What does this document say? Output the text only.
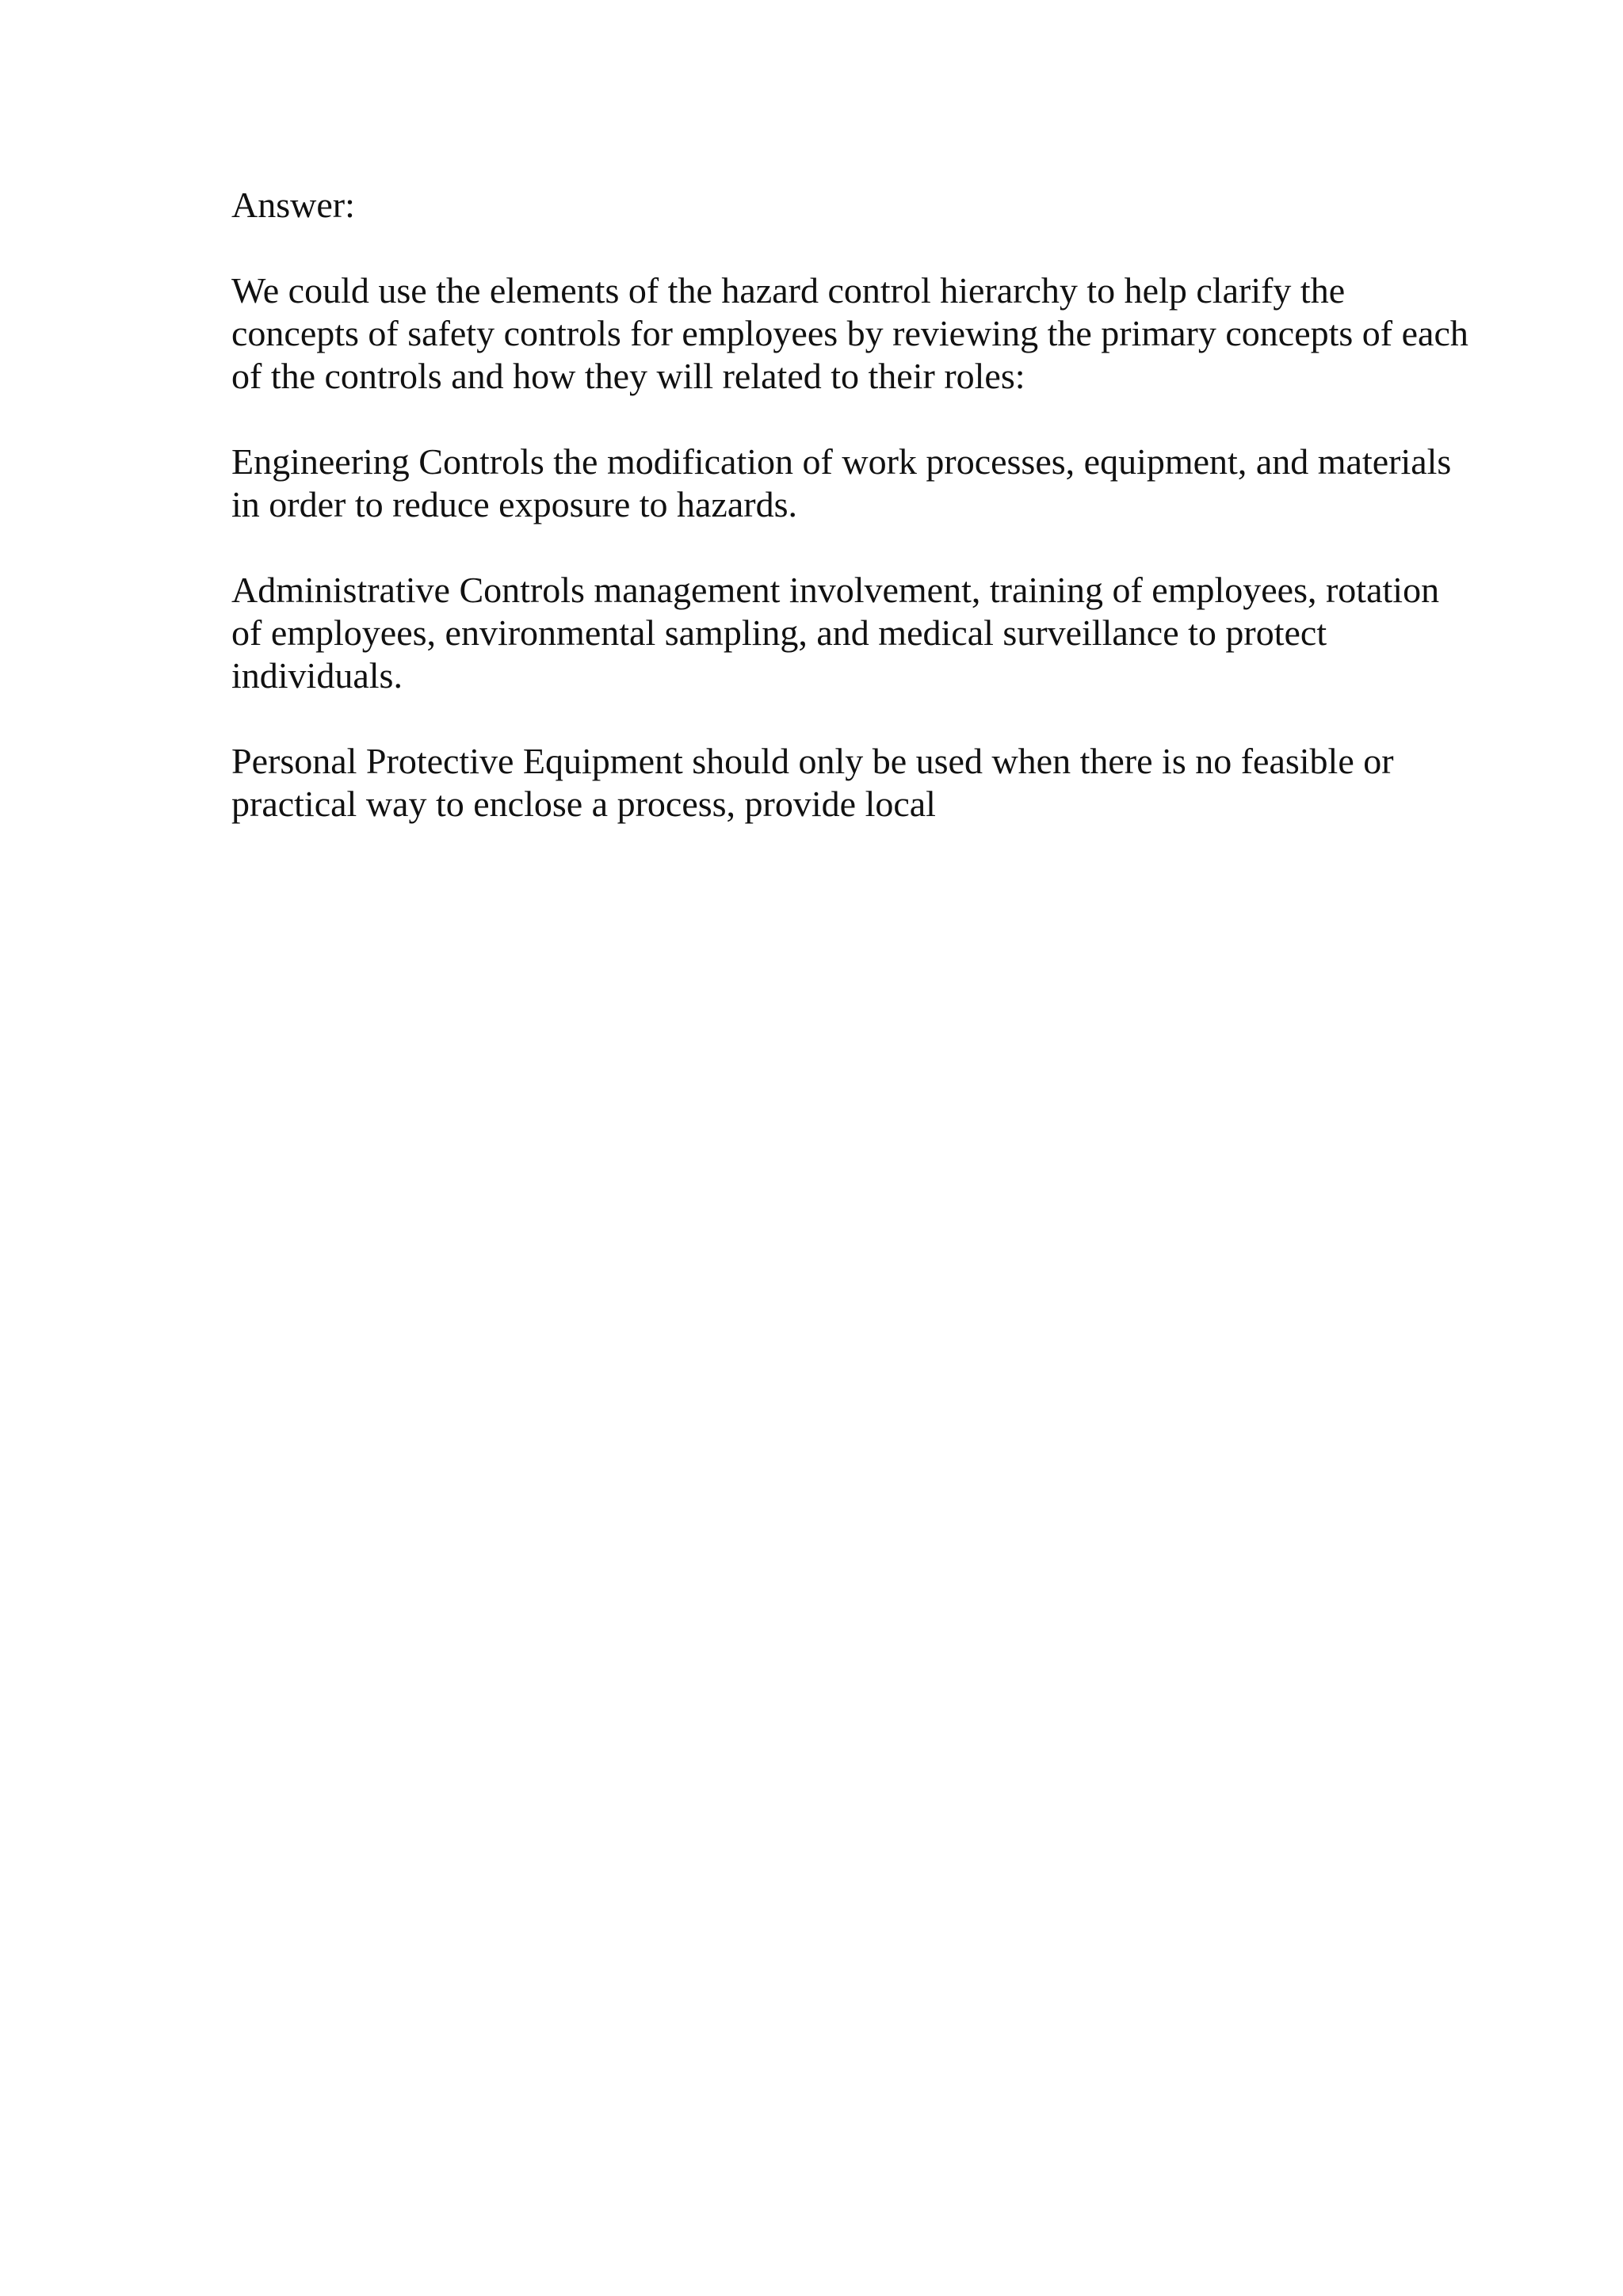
Answer:
We could use the elements of the hazard control hierarchy to help clarify the
concepts of safety controls for employees by reviewing the primary concepts of each
of the controls and how they will related to their roles:
Engineering Controls the modification of work processes, equipment, and materials
in order to reduce exposure to hazards.
Administrative Controls management involvement, training of employees, rotation
of employees, environmental sampling, and medical surveillance to protect
individuals.
Personal Protective Equipment should only be used when there is no feasible or
practical way to enclose a process, provide local
